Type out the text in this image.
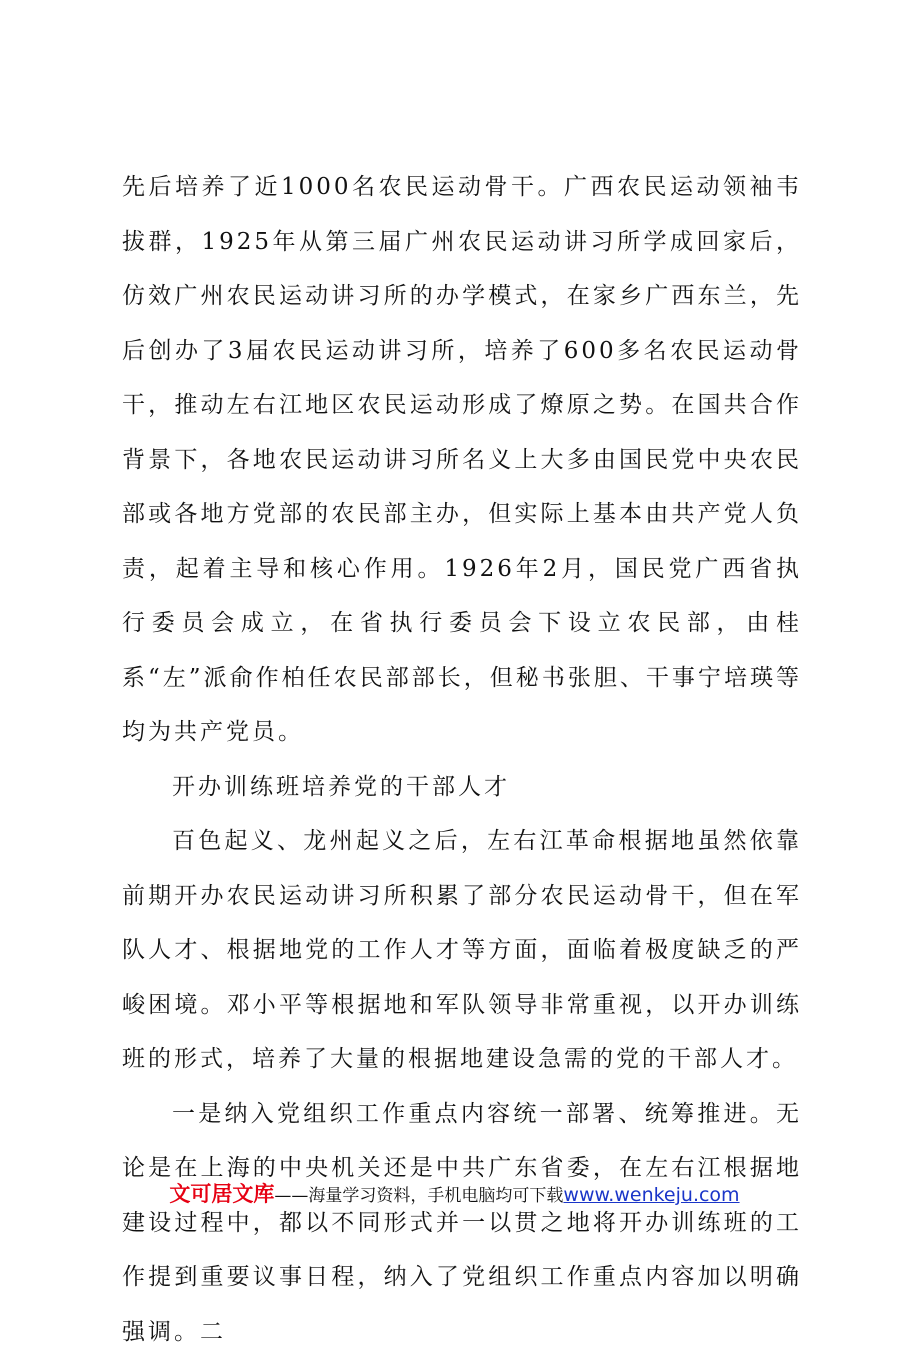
先后培养了近1000名农民运动骨干。广西农民运动领袖韦拔群，1925年从第三届广州农民运动讲习所学成回家后，仿效广州农民运动讲习所的办学模式，在家乡广西东兰，先后创办了3届农民运动讲习所，培养了600多名农民运动骨干，推动左右江地区农民运动形成了燎原之势。在国共合作背景下，各地农民运动讲习所名义上大多由国民党中央农民部或各地方党部的农民部主办，但实际上基本由共产党人负责，起着主导和核心作用。1926年2月，国民党广西省执行委员会成立，在省执行委员会下设立农民部，由桂系“左”派俞作柏任农民部部长，但秘书张胆、干事宁培瑛等均为共产党员。

开办训练班培养党的干部人才

百色起义、龙州起义之后，左右江革命根据地虽然依靠前期开办农民运动讲习所积累了部分农民运动骨干，但在军队人才、根据地党的工作人才等方面，面临着极度缺乏的严峻困境。邓小平等根据地和军队领导非常重视，以开办训练班的形式，培养了大量的根据地建设急需的党的干部人才。

一是纳入党组织工作重点内容统一部署、统筹推进。无论是在上海的中央机关还是中共广东省委，在左右江根据地建设过程中，都以不同形式并一以贯之地将开办训练班的工作提到重要议事日程，纳入了党组织工作重点内容加以明确强调。二

文可居文库——海量学习资料，手机电脑均可下载www.wenkeju.com
